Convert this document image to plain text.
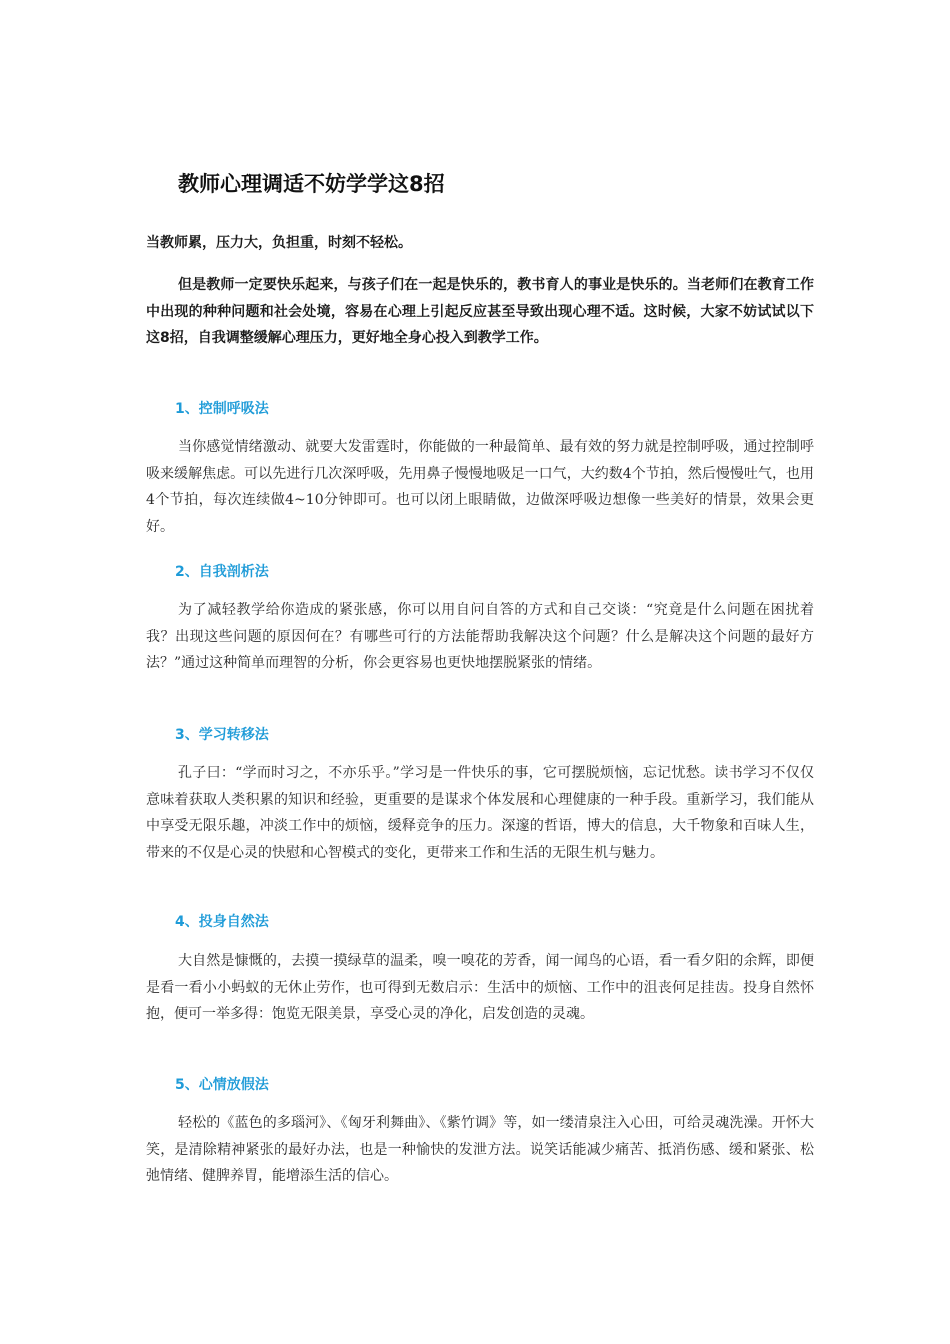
教师心理调适不妨学学这8招
当教师累，压力大，负担重，时刻不轻松。

但是教师一定要快乐起来，与孩子们在一起是快乐的，教书育人的事业是快乐的。当老师们在教育工作中出现的种种问题和社会处境，容易在心理上引起反应甚至导致出现心理不适。这时候，大家不妨试试以下这8招，自我调整缓解心理压力，更好地全身心投入到教学工作。

1、控制呼吸法

当你感觉情绪激动、就要大发雷霆时，你能做的一种最简单、最有效的努力就是控制呼吸，通过控制呼吸来缓解焦虑。可以先进行几次深呼吸，先用鼻子慢慢地吸足一口气，大约数4个节拍，然后慢慢吐气，也用4个节拍，每次连续做4~10分钟即可。也可以闭上眼睛做，边做深呼吸边想像一些美好的情景，效果会更好。

2、自我剖析法

为了减轻教学给你造成的紧张感，你可以用自问自答的方式和自己交谈：“究竟是什么问题在困扰着我？出现这些问题的原因何在？有哪些可行的方法能帮助我解决这个问题？什么是解决这个问题的最好方法？”通过这种简单而理智的分析，你会更容易也更快地摆脱紧张的情绪。

3、学习转移法

孔子曰：“学而时习之，不亦乐乎。”学习是一件快乐的事，它可摆脱烦恼，忘记忧愁。读书学习不仅仅意味着获取人类积累的知识和经验，更重要的是谋求个体发展和心理健康的一种手段。重新学习，我们能从中享受无限乐趣，冲淡工作中的烦恼，缓释竞争的压力。深邃的哲语，博大的信息，大千物象和百味人生，带来的不仅是心灵的快慰和心智模式的变化，更带来工作和生活的无限生机与魅力。

4、投身自然法

大自然是慷慨的，去摸一摸绿草的温柔，嗅一嗅花的芳香，闻一闻鸟的心语，看一看夕阳的余辉，即便是看一看小小蚂蚁的无休止劳作，也可得到无数启示：生活中的烦恼、工作中的沮丧何足挂齿。投身自然怀抱，便可一举多得：饱览无限美景，享受心灵的净化，启发创造的灵魂。

5、心情放假法

轻松的《蓝色的多瑙河》、《匈牙利舞曲》、《紫竹调》等，如一缕清泉注入心田，可给灵魂洗澡。开怀大笑，是清除精神紧张的最好办法，也是一种愉快的发泄方法。说笑话能减少痛苦、抵消伤感、缓和紧张、松弛情绪、健脾养胃，能增添生活的信心。
